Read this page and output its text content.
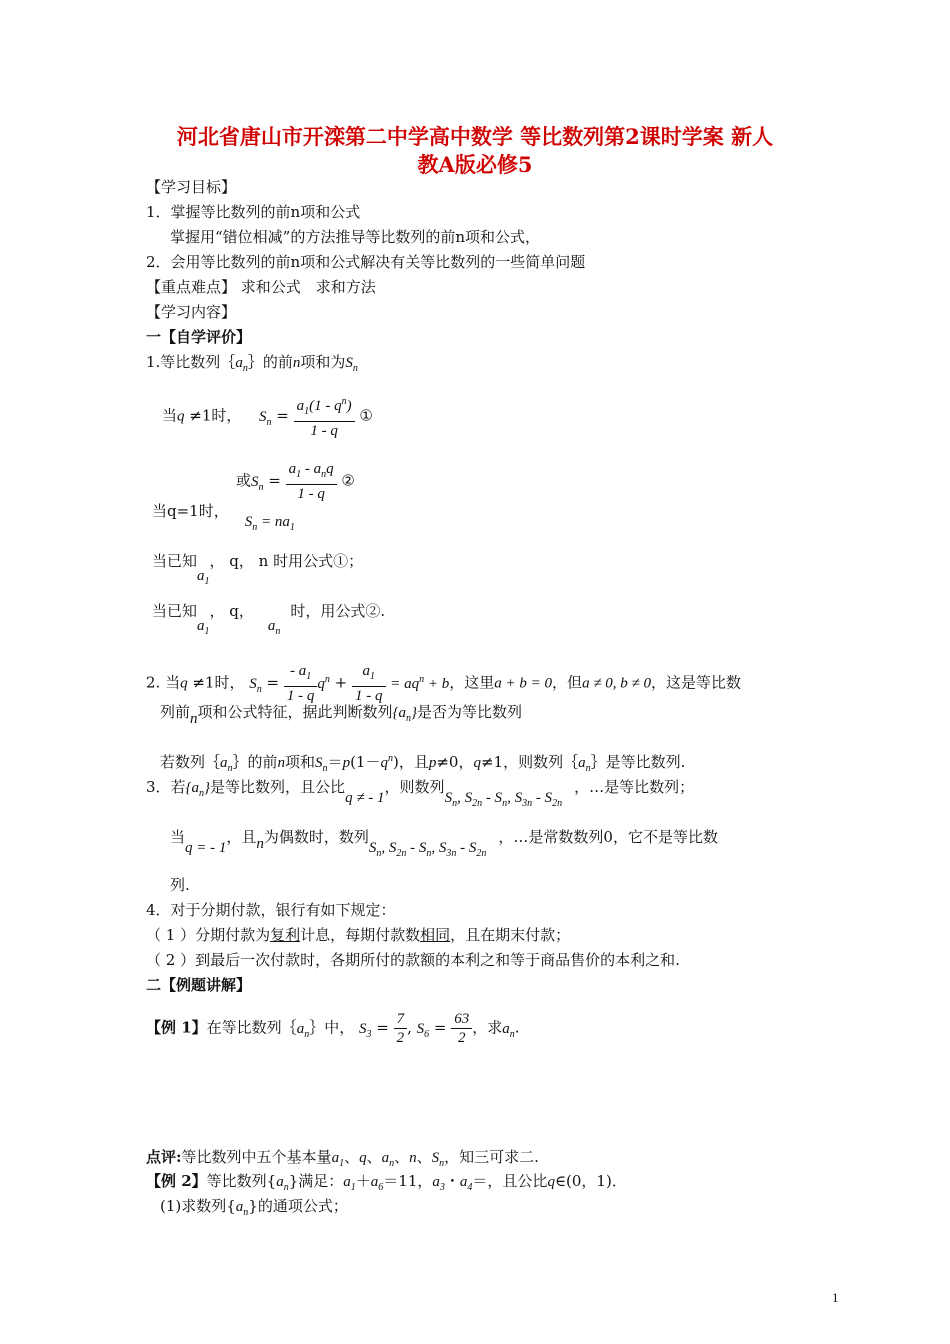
河北省唐山市开滦第二中学高中数学 等比数列第2课时学案 新人
教A版必修5
【学习目标】
1．掌握等比数列的前n项和公式
掌握用“错位相减”的方法推导等比数列的前n项和公式，
2．会用等比数列的前n项和公式解决有关等比数列的一些简单问题
【重点难点】 求和公式　求和方法
【学习内容】
一【自学评价】
1.等比数列$\{a_n\}$的前n项和为$S_n$
当q ≠1时， $S_n = \frac{a_1(1 - q^n)}{1 - q}$ ①
或$S_n = \frac{a_1 - a_nq}{1 - q}$ ②
当q=1时，$S_n = na_1$
当已知$a_1$， q， n 时用公式①；
当已知$a_1$， q，$a_n$时，用公式②.
2. 当q ≠1时， $S_n = \frac{- a_1}{1 - q} q^n + \frac{a_1}{1 - q} = aq^n + b$，这里a + b = 0，但a ≠ 0, b ≠ 0，这是等比数
列前n项和公式特征，据此判断数列$\{a_n\}$是否为等比数列
若数列$\{a_n\}$的前n项和$S_n=p(1-q^n)$，且p≠0，q≠1，则数列$\{a_n\}$是等比数列.
3．若$\{a_n\}$是等比数列，且公比q ≠ - 1，则数列$S_n$, $S_{2n} - S_n$, $S_{3n} - S_{2n}$，…是等比数列；
当q = - 1，且n为偶数时，数列$S_n$, $S_{2n} - S_n$, $S_{3n} - S_{2n}$，…是常数数列0，它不是等比数
列.
4．对于分期付款，银行有如下规定：
（ 1 ）分期付款为复利计息，每期付款数相同，且在期末付款；
（ 2 ）到最后一次付款时，各期所付的款额的本利之和等于商品售价的本利之和.
二【例题讲解】
【例 1】在等比数列$\{a_n\}$中， $S_3 = \frac{7}{2}$ , $S_6 = \frac{63}{2}$ ，求$a_n$.
点评:等比数列中五个基本量$a_1$、q、$a_n$、n、$S_n$，知三可求二.
【例 2】等比数列$\{a_n\}$满足：$a_1+a_6=11$，$a_3$・$a_4=$，且公比q∈(0，1)．
(1)求数列$\{a_n\}$的通项公式；
1
